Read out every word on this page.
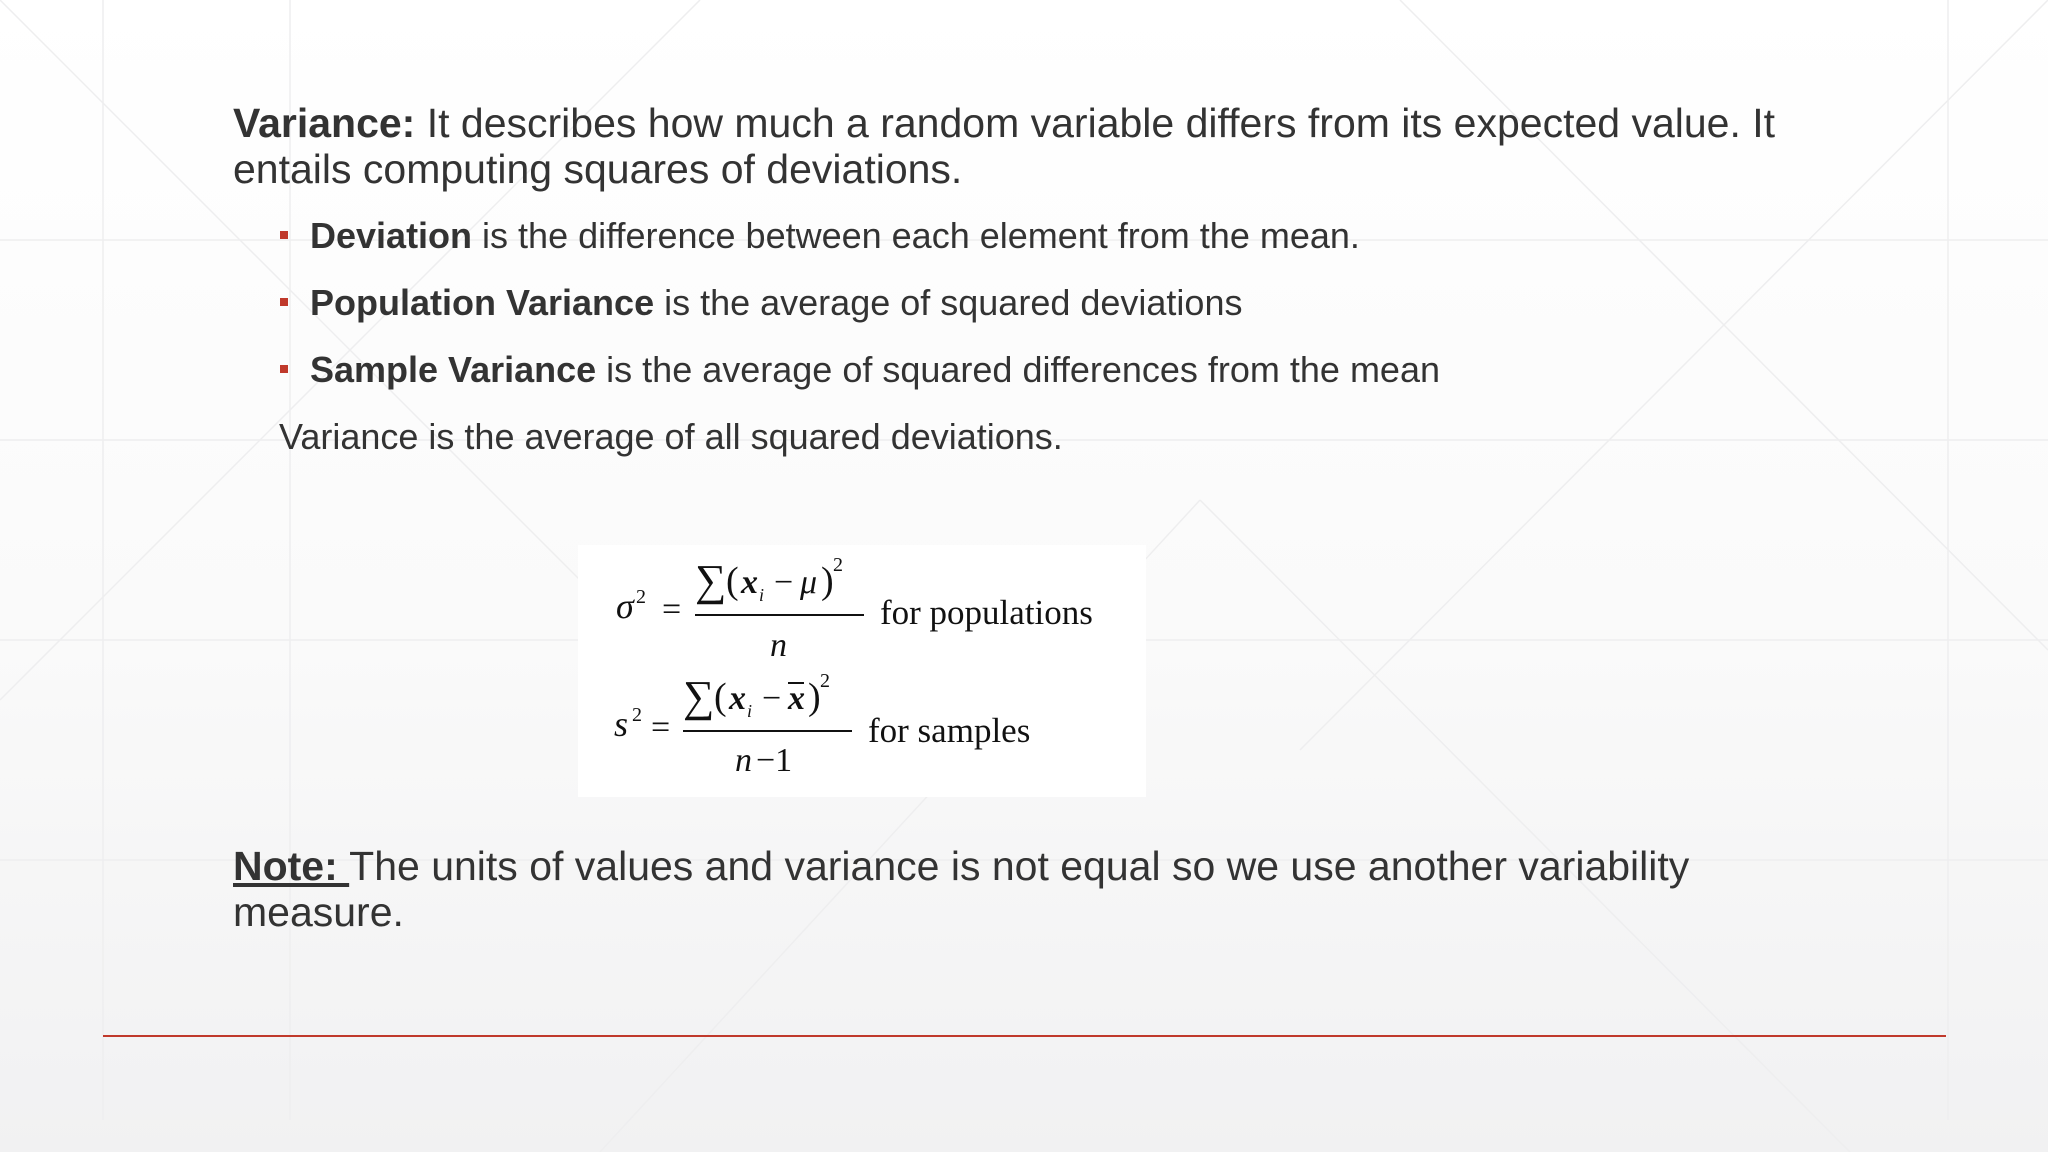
Variance: It describes how much a random variable differs from its expected value. It entails computing squares of deviations.

Deviation is the difference between each element from the mean.
Population Variance is the average of squared deviations
Sample Variance is the average of squared differences from the mean

Variance is the average of all squared deviations.

σ 2 =
∑ ( x i − μ ) 2
n
for populations
s 2 =
∑ ( x i − x ) 2
n −1
for samples

Note: The units of values and variance is not equal so we use another variability measure.
